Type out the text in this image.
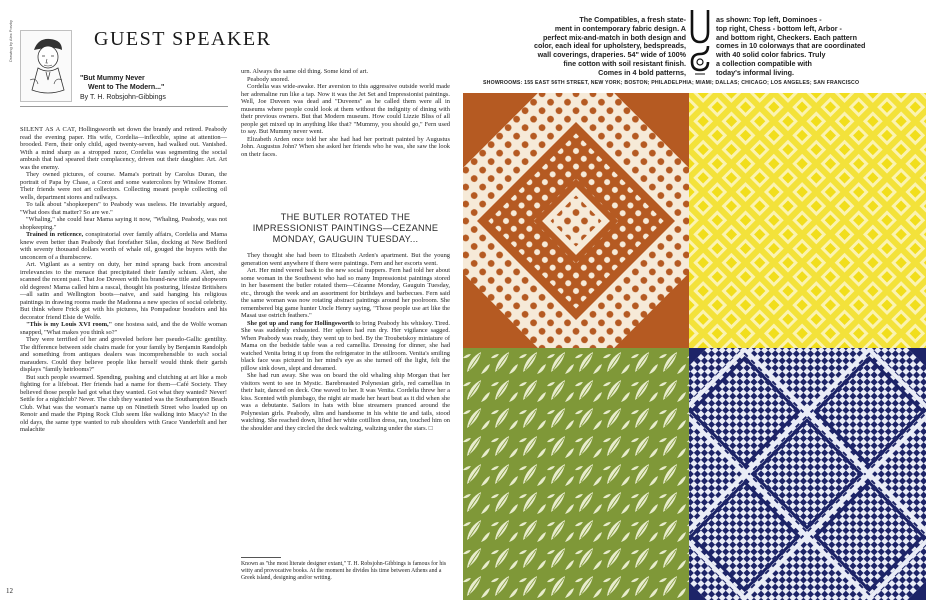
Drawing by Alex Porzky	GUEST SPEAKER
"But Mummy Never
Went to The Modern..."
By T. H. Robsjohn-Gibbings

SILENT AS A CAT, Hollingsworth set down the brandy and retired. Peabody read the evening paper. His wife, Cordelia—inflexible, spine at attention—brooded. Fern, their only child, aged twenty-seven, had walked out. Vanished. With a mind sharp as a stropped razor, Cordelia was segmenting the social ambush that had speared their complacency, driven out their daughter. Art. Art was the enemy.

They owned pictures, of course. Mama's portrait by Carolus Duran, the portrait of Papa by Chase, a Corot and some watercolors by Winslow Homer. Their friends were not art collectors. Collecting meant people collecting oil wells, department stores and railways.

To talk about "shopkeepers" to Peabody was useless. He invariably argued, "What does that matter? So are we."

"Whaling," she could hear Mama saying it now, "Whaling, Peabody, was not shopkeeping."

Trained in reticence, conspiratorial over family affairs, Cordelia and Mama knew even better than Peabody that forefather Silas, docking at New Bedford with seventy thousand dollars worth of whale oil, gouged the buyers with the unconcern of a thumbscrew.

Art. Vigilant as a sentry on duty, her mind sprang back from ancestral irrelevancies to the menace that precipitated their family schism. Alert, she scanned the recent past. That Joe Duveen with his brand-new title and shopworn old degrees! Mama called him a rascal, thought his posturing, lifesize Britishers—all satin and Wellington boots—naive, and said hanging his religious paintings in drawing rooms made the Madonna a new species of social celebrity. But think where Frick got with his pictures, his Pompadour boudoirs and his decorator friend Elsie de Wolfe.

"This is my Louis XVI room," one hostess said, and the de Wolfe woman snapped, "What makes you think so?"

They were terrified of her and groveled before her pseudo-Gallic gentility. The difference between side chairs made for your family by Benjamin Randolph and something from antiques dealers was incomprehensible to such social marauders. Could they believe people like herself would think their garish displays "family heirlooms?"

But such people swarmed. Spending, pushing and clutching at art like a mob fighting for a lifeboat. Her friends had a name for them—Café Society. They believed those people had got what they wanted. Got what they wanted? Never! Settle for a nightclub? Never. The club they wanted was the Southampton Beach Club. What was the woman's name up on Ninetieth Street who loaded up on Renoir and made the Piping Rock Club seem like walking into Macy's? In the old days, the same type wanted to rub shoulders with Grace Vanderbilt and her malachite

urn. Always the same old thing. Some kind of art.

Peabody snored.

Cordelia was wide-awake. Her aversion to this aggressive outside world made her adrenaline run like a tap. Now it was the Jet Set and Impressionist paintings. Well, Joe Duveen was dead and "Duveens" as he called them were all in museums where people could look at them without the indignity of dining with their previous owners. But that Modern museum. How could Lizzie Bliss of all people get mixed up in anything like that? "Mummy, you should go," Fern used to say. But Mummy never went.

Elizabeth Arden once told her she had had her portrait painted by Augustus John. Augustus John? When she asked her friends who he was, she saw the look on their faces.

THE BUTLER ROTATED THE
IMPRESSIONIST PAINTINGS—CEZANNE
MONDAY, GAUGUIN TUESDAY...

They thought she had been to Elizabeth Arden's apartment. But the young generation went anywhere if there were paintings. Fern and her escorts went.

Art. Her mind veered back to the new social trappers. Fern had told her about some woman in the Southwest who had so many Impressionist paintings stored in her basement the butler rotated them—Cézanne Monday, Gauguin Tuesday, etc., through the week and an assortment for birthdays and barbecues. Fern said the same woman was now rotating abstract paintings around her poolroom. She remembered big game hunter Uncle Henry saying, "Those people use art like the Masai use ostrich feathers."

She got up and rang for Hollingsworth to bring Peabody his whiskey. Tired. She was suddenly exhausted. Her spleen had run dry. Her vigilance sagged. When Peabody was ready, they went up to bed. By the Troubetskoy miniature of Mama on the bedside table was a red camellia. Dressing for dinner, she had watched Venita bring it up from the refrigerator in the stillroom. Venita's smiling black face was pictured in her mind's eye as she turned off the light, felt the pillow sink down, slept and dreamed.

She had run away. She was on board the old whaling ship Morgan that her visitors went to see in Mystic. Barebreasted Polynesian girls, red camellias in their hair, danced on deck. One waved to her. It was Venita. Cordelia threw her a kiss. Scented with plumbago, the night air made her heart beat as it did when she was a debutante. Sailors in hats with blue streamers pranced around the Polynesian girls. Peabody, slim and handsome in his white tie and tails, stood watching. She reached down, lifted her white cotillion dress, ran, touched him on the shoulder and they circled the deck waltzing, waltzing under the stars. □

Known as "the most literate designer extant," T. H. Robsjohn-Gibbings is famous for his witty and provocative books. At the moment he divides his time between Athens and a Greek island, designing and/or writing.
12
The Compatibles, a fresh state-
ment in contemporary fabric design. A
perfect mix-and-match in both design and
color, each ideal for upholstery, bedspreads,
wall coverings, draperies. 54" wide of 100%
fine cotton with soil resistant finish.
Comes in 4 bold patterns,
as shown: Top left, Dominoes -
top right, Chess - bottom left, Arbor -
and bottom right, Checkers. Each pattern
comes in 10 colorways that are coordinated
with 40 solid color fabrics. Truly
a collection compatible with
today's informal living.
SHOWROOMS: 155 EAST 56TH STREET, NEW YORK; BOSTON; PHILADELPHIA; MIAMI; DALLAS; CHICAGO; LOS ANGELES; SAN FRANCISCO
